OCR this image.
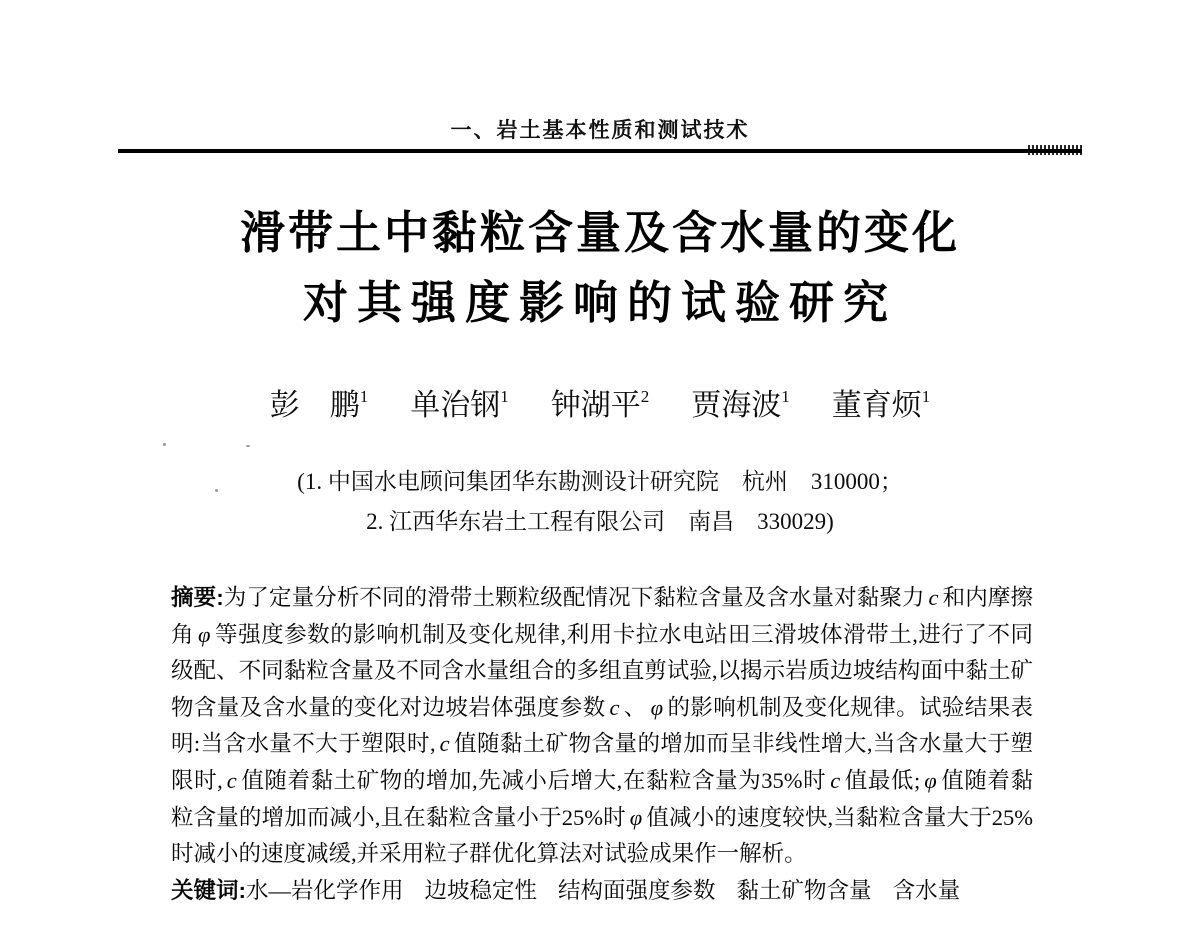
一、岩土基本性质和测试技术
滑带土中黏粒含量及含水量的变化
对其强度影响的试验研究
彭　鹏$^1$ 单治钢$^1$ 钟湖平$^2$ 贾海波$^1$ 董育烦$^1$
(1. 中国水电顾问集团华东勘测设计研究院　杭州　310000；
2. 江西华东岩土工程有限公司　南昌　330029)

摘要:为了定量分析不同的滑带土颗粒级配情况下黏粒含量及含水量对黏聚力 c 和内摩擦角 φ 等强度参数的影响机制及变化规律,利用卡拉水电站田三滑坡体滑带土,进行了不同级配、不同黏粒含量及不同含水量组合的多组直剪试验,以揭示岩质边坡结构面中黏土矿物含量及含水量的变化对边坡岩体强度参数 c 、 φ 的影响机制及变化规律。试验结果表明:当含水量不大于塑限时, c 值随黏土矿物含量的增加而呈非线性增大,当含水量大于塑限时, c 值随着黏土矿物的增加,先减小后增大,在黏粒含量为35%时 c 值最低; φ 值随着黏粒含量的增加而减小,且在黏粒含量小于25%时 φ 值减小的速度较快,当黏粒含量大于25%时减小的速度减缓,并采用粒子群优化算法对试验成果作一解析。

关键词:水—岩化学作用 边坡稳定性 结构面强度参数 黏土矿物含量 含水量
